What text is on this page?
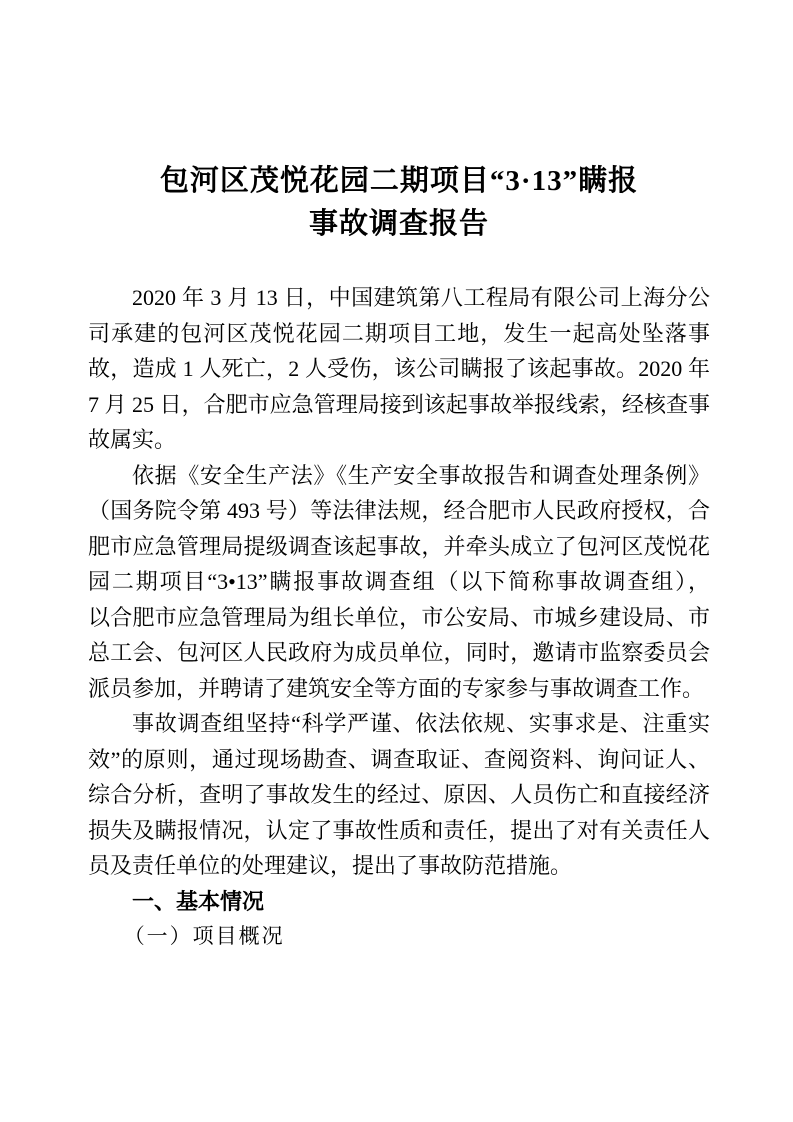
包河区茂悦花园二期项目“3·13”瞒报
事故调查报告

2020 年 3 月 13 日，中国建筑第八工程局有限公司上海分公
司承建的包河区茂悦花园二期项目工地，发生一起高处坠落事
故，造成 1 人死亡，2 人受伤，该公司瞒报了该起事故。2020 年
7 月 25 日，合肥市应急管理局接到该起事故举报线索，经核查事
故属实。

依据《安全生产法》《生产安全事故报告和调查处理条例》
（国务院令第 493 号）等法律法规，经合肥市人民政府授权，合
肥市应急管理局提级调查该起事故，并牵头成立了包河区茂悦花
园二期项目“3•13”瞒报事故调查组（以下简称事故调查组），
以合肥市应急管理局为组长单位，市公安局、市城乡建设局、市
总工会、包河区人民政府为成员单位，同时，邀请市监察委员会
派员参加，并聘请了建筑安全等方面的专家参与事故调查工作。

事故调查组坚持“科学严谨、依法依规、实事求是、注重实
效”的原则，通过现场勘查、调查取证、查阅资料、询问证人、
综合分析，查明了事故发生的经过、原因、人员伤亡和直接经济
损失及瞒报情况，认定了事故性质和责任，提出了对有关责任人
员及责任单位的处理建议，提出了事故防范措施。

一、基本情况
（一）项目概况
